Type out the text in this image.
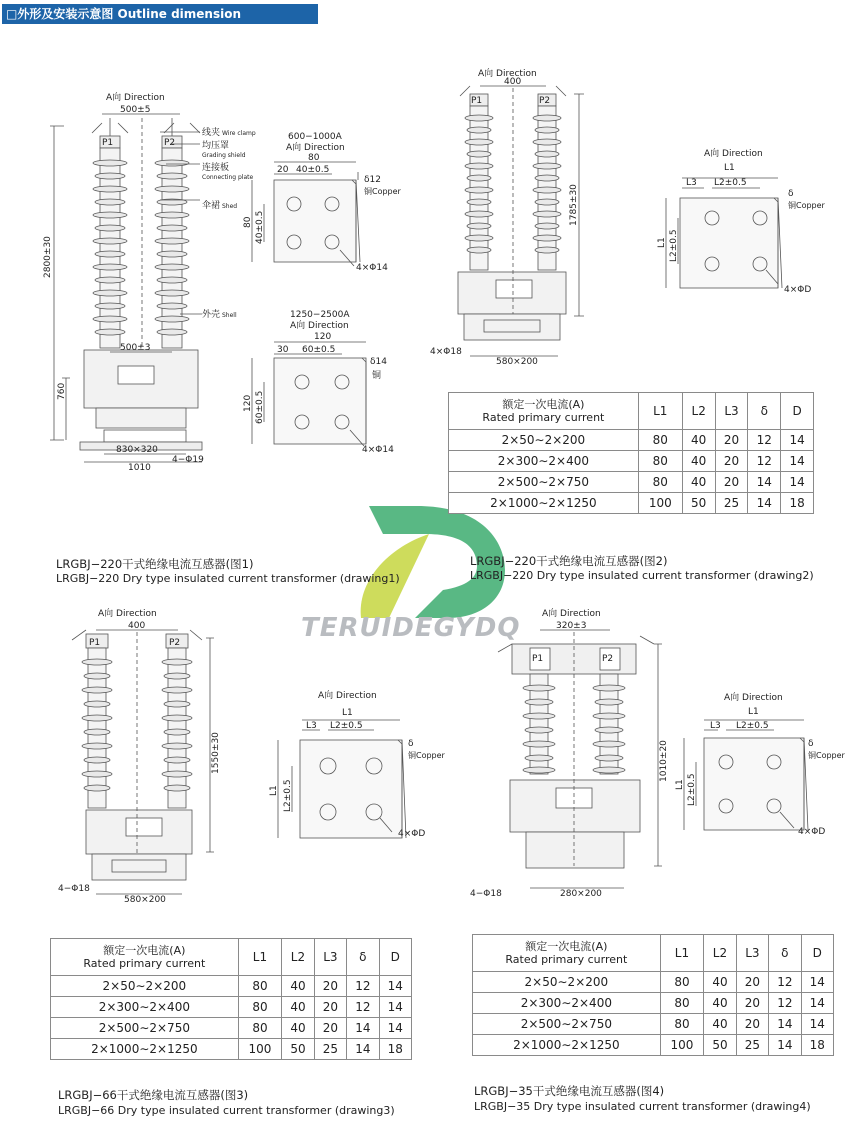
□外形及安装示意图 Outline dimension
TERUIDEGYDQ
A向 Direction
500±5
P1	P2
500±3
2800±30
760
830×320
1010
4−Φ19
线夹 Wire clamp
均压罩
Grading shield
连接板
Connecting plate
伞裙 Shed
外壳 Shell
600−1000A
A向 Direction
80
20 40±0.5
δ12
铜Copper
80 40±0.5
4×Φ14
1250−2500A
A向 Direction
120
30 60±0.5
δ14
铜
120 60±0.5
4×Φ14
LRGBJ−220干式绝缘电流互感器(图1)
LRGBJ−220 Dry type insulated current transformer (drawing1)
A向 Direction
400
P1	P2
1785±30
4×Φ18
580×200
A向 Direction
L1
L3 L2±0.5
δ
铜Copper
L1 L2±0.5
4×ΦD
额定一次电流(A)
Rated primary current	L1	L2	L3	δ	D
2×50∼2×200	80	40	20	12	14
2×300∼2×400	80	40	20	12	14
2×500∼2×750	80	40	20	14	14
2×1000∼2×1250	100	50	25	14	18
LRGBJ−220干式绝缘电流互感器(图2)
LRGBJ−220 Dry type insulated current transformer (drawing2)
A向 Direction
400
P1	P2
1550±30
4−Φ18
580×200
A向 Direction
L1
L3 L2±0.5
δ
铜Copper
L1 L2±0.5
4×ΦD
额定一次电流(A)
Rated primary current	L1	L2	L3	δ	D
2×50∼2×200	80	40	20	12	14
2×300∼2×400	80	40	20	12	14
2×500∼2×750	80	40	20	14	14
2×1000∼2×1250	100	50	25	14	18
LRGBJ−66干式绝缘电流互感器(图3)
LRGBJ−66 Dry type insulated current transformer (drawing3)
A向 Direction
320±3
P1	P2
1010±20
4−Φ18	280×200
A向 Direction
L1
L3 L2±0.5
δ
铜Copper
L1 L2±0.5
4×ΦD
额定一次电流(A)
Rated primary current	L1	L2	L3	δ	D
2×50∼2×200	80	40	20	12	14
2×300∼2×400	80	40	20	12	14
2×500∼2×750	80	40	20	14	14
2×1000∼2×1250	100	50	25	14	18
LRGBJ−35干式绝缘电流互感器(图4)
LRGBJ−35 Dry type insulated current transformer (drawing4)
